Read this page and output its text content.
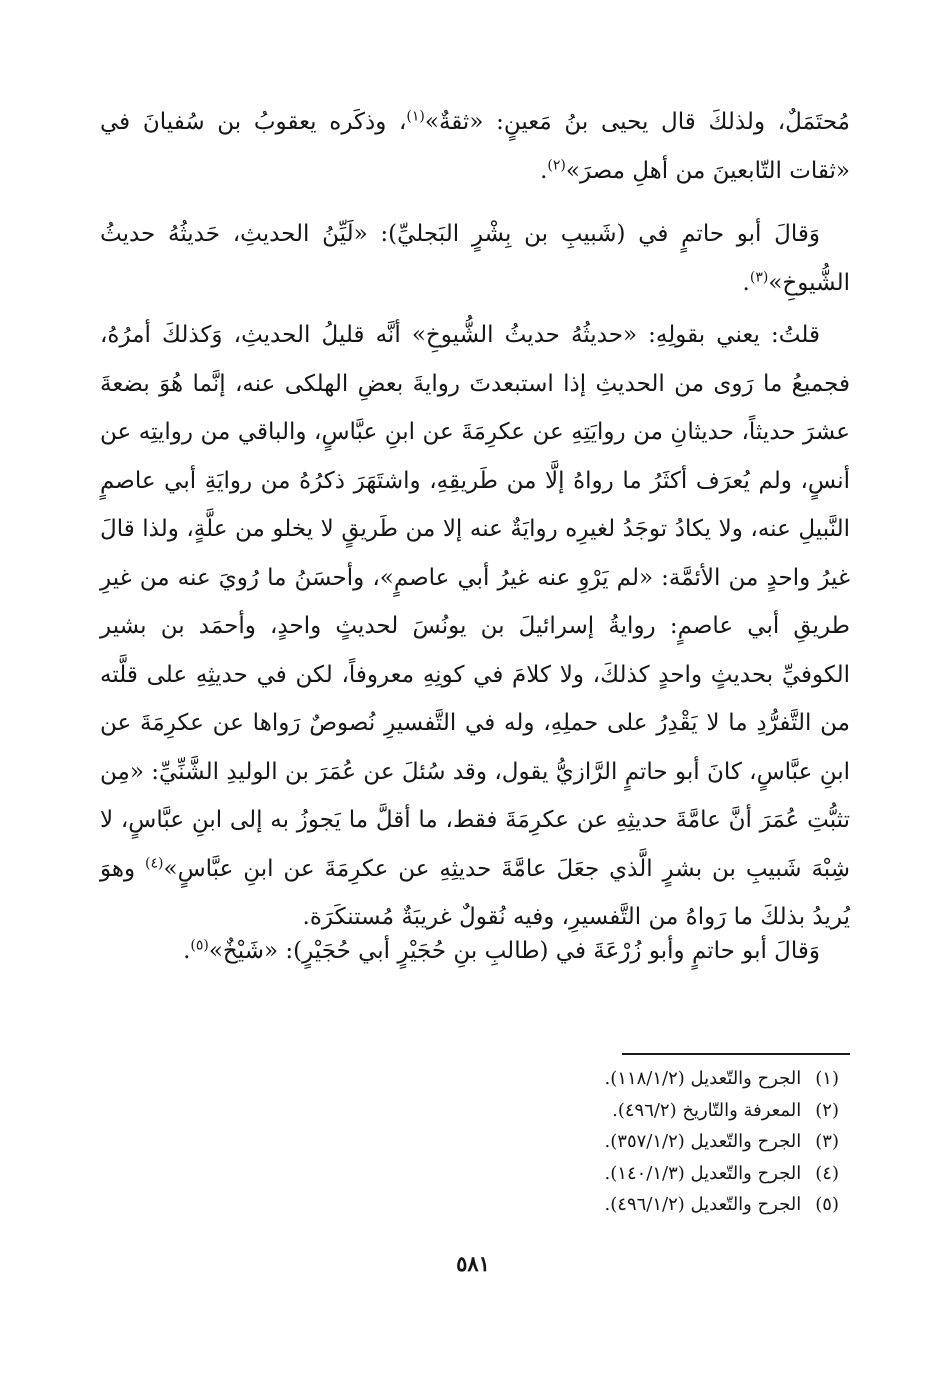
مُحتَمَلٌ، ولذلكَ قال يحيى بنُ مَعينٍ: «ثقةٌ»$^{(١)}$، وذكَره يعقوبُ بن سُفيانَ في «ثقات التّابعينَ من أهلِ مصرَ»$^{(٢)}$.

وَقالَ أبو حاتمٍ في (شَبيبِ بن بِشْرٍ البَجليِّ): «لَيِّنُ الحديثِ، حَديثُهُ حديثُ الشُّيوخِ»$^{(٣)}$.

قلتُ: يعني بقولِهِ: «حديثُهُ حديثُ الشُّيوخِ» أنَّه قليلُ الحديثِ، وَكذلكَ أمرُهُ، فجميعُ ما رَوى من الحديثِ إذا استبعدتَ روايةَ بعضِ الهلكى عنه، إنَّما هُوَ بضعةَ عشرَ حديثاً، حديثانِ من روايَتِهِ عن عكرِمَةَ عن ابنِ عبَّاسٍ، والباقي من روايتِه عن أنسٍ، ولم يُعرَف أكثَرُ ما رواهُ إلَّا من طَريقِهِ، واشتَهَرَ ذكرُهُ من روايَةِ أبي عاصمٍ النَّبيلِ عنه، ولا يكادُ توجَدُ لغيرِه روايَةٌ عنه إلا من طَريقٍ لا يخلو من علَّةٍ، ولذا قالَ غيرُ واحدٍ من الأئمَّة: «لم يَرْوِ عنه غيرُ أبي عاصمٍ»، وأحسَنُ ما رُويَ عنه من غيرِ طريقِ أبي عاصمٍ: روايةُ إسرائيلَ بن يونُسَ لحديثٍ واحدٍ، وأحمَد بن بشير الكوفيِّ بحديثٍ واحدٍ كذلكَ، ولا كلامَ في كونِهِ معروفاً، لكن في حديثِهِ على قلَّته من التَّفرُّدِ ما لا يَقْدِرُ على حملِهِ، وله في التَّفسيرِ نُصوصٌ رَواها عن عكرِمَةَ عن ابنِ عبَّاسٍ، كانَ أبو حاتمٍ الرَّازيُّ يقول، وقد سُئلَ عن عُمَرَ بن الوليدِ الشَّنِّيِّ: «مِن تثبُّتِ عُمَرَ أنَّ عامَّةَ حديثِهِ عن عكرِمَةَ فقط، ما أقلَّ ما يَجوزُ به إلى ابنِ عبَّاسٍ، لا شِبْهَ شَبيبِ بن بشرٍ الَّذي جعَلَ عامَّةَ حديثِهِ عن عكرِمَةَ عن ابنِ عبَّاسٍ»$^{(٤)}$ وهوَ يُريدُ بذلكَ ما رَواهُ من التَّفسيرِ، وفيه نُقولٌ غريبَةٌ مُستنكَرَة.

وَقالَ أبو حاتمٍ وأبو زُرْعَةَ في (طالبِ بنِ حُجَيْرٍ أبي حُجَيْرٍ): «شَيْخٌ»$^{(٥)}$.

(١)الجرح والتّعديل (١١٨/١/٢).
(٢)المعرفة والتّاريخ (٤٩٦/٢).
(٣)الجرح والتّعديل (٣٥٧/١/٢).
(٤)الجرح والتّعديل (١٤٠/١/٣).
(٥)الجرح والتّعديل (٤٩٦/١/٢).
٥٨١
